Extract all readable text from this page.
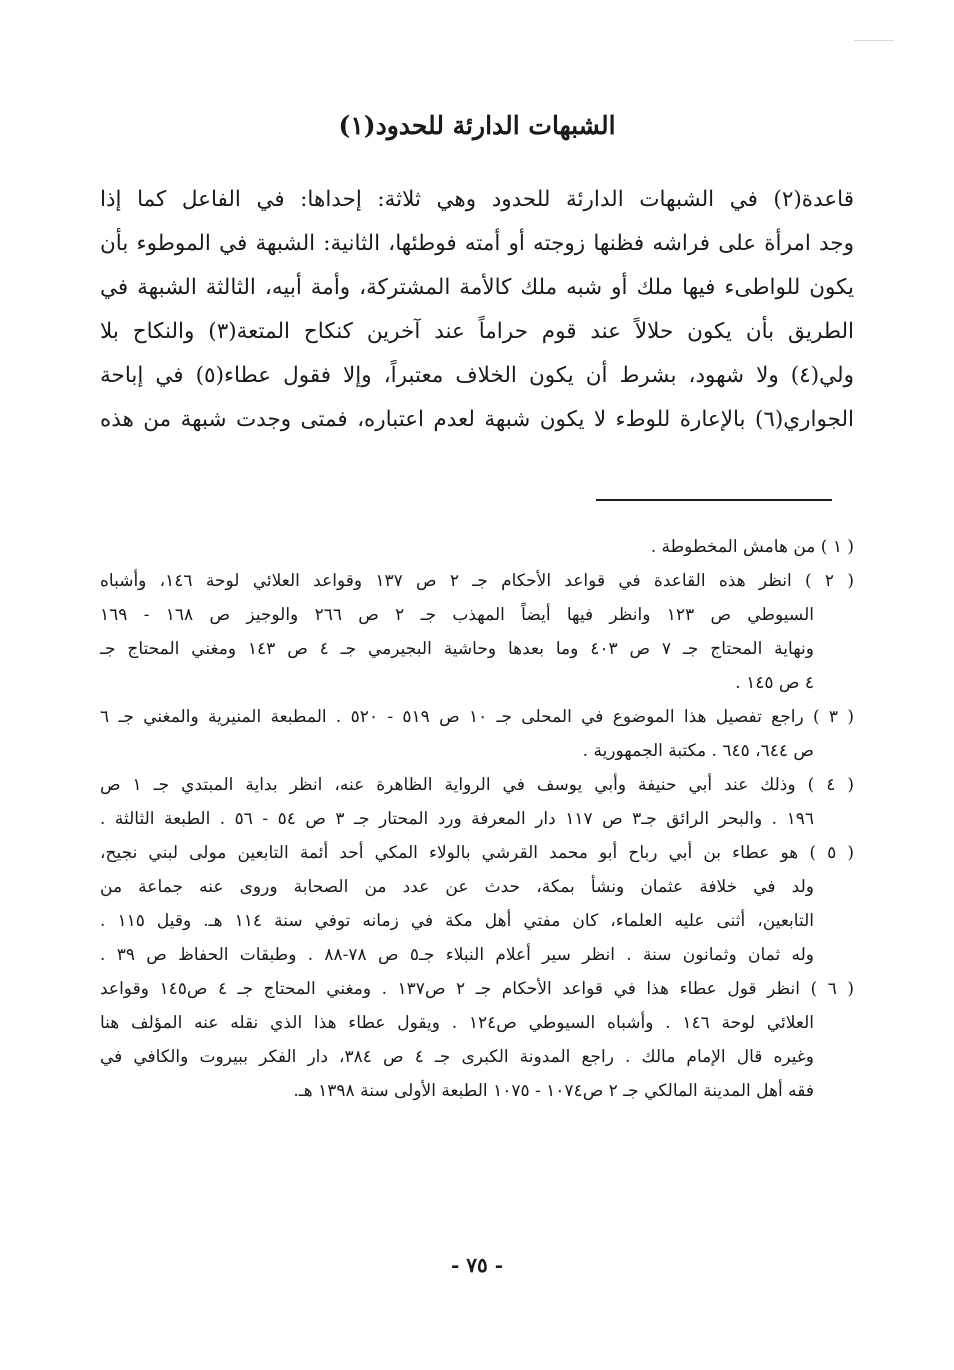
الشبهات الدارئة للحدود(١)
قاعدة(٢) في الشبهات الدارئة للحدود وهي ثلاثة: إحداها: في الفاعل كما إذا
وجد امرأة على فراشه فظنها زوجته أو أمته فوطئها، الثانية: الشبهة في الموطوء بأن
يكون للواطىء فيها ملك أو شبه ملك كالأمة المشتركة، وأمة أبيه، الثالثة الشبهة في
الطريق بأن يكون حلالاً عند قوم حراماً عند آخرين كنكاح المتعة(٣) والنكاح بلا
ولي(٤) ولا شهود، بشرط أن يكون الخلاف معتبراً، وإلا فقول عطاء(٥) في إباحة
الجواري(٦) بالإعارة للوطء لا يكون شبهة لعدم اعتباره، فمتى وجدت شبهة من هذه
( ١ ) من هامش المخطوطة .
( ٢ ) انظر هذه القاعدة في قواعد الأحكام جـ ٢ ص ١٣٧ وقواعد العلائي لوحة ١٤٦، وأشباه
السيوطي ص ١٢٣ وانظر فيها أيضاً المهذب جـ ٢ ص ٢٦٦ والوجيز ص ١٦٨ - ١٦٩
ونهاية المحتاج جـ ٧ ص ٤٠٣ وما بعدها وحاشية البجيرمي جـ ٤ ص ١٤٣ ومغني المحتاج جـ
٤ ص ١٤٥ .
( ٣ ) راجع تفصيل هذا الموضوع في المحلى جـ ١٠ ص ٥١٩ - ٥٢٠ . المطبعة المنيرية والمغني جـ ٦
ص ٦٤٤، ٦٤٥ . مكتبة الجمهورية .
( ٤ ) وذلك عند أبي حنيفة وأبي يوسف في الرواية الظاهرة عنه، انظر بداية المبتدي جـ ١ ص
١٩٦ . والبحر الرائق جـ٣ ص ١١٧ دار المعرفة ورد المحتار جـ ٣ ص ٥٤ - ٥٦ . الطبعة الثالثة .
( ٥ ) هو عطاء بن أبي رباح أبو محمد القرشي بالولاء المكي أحد أئمة التابعين مولى لبني نجيح،
ولد في خلافة عثمان ونشأ بمكة، حدث عن عدد من الصحابة وروى عنه جماعة من
التابعين، أثنى عليه العلماء، كان مفتي أهل مكة في زمانه توفي سنة ١١٤ هـ. وقيل ١١٥ .
وله ثمان وثمانون سنة . انظر سير أعلام النبلاء جـ٥ ص ٧٨-٨٨ . وطبقات الحفاظ ص ٣٩ .
( ٦ ) انظر قول عطاء هذا في قواعد الأحكام جـ ٢ ص١٣٧ . ومغني المحتاج جـ ٤ ص١٤٥ وقواعد
العلائي لوحة ١٤٦ . وأشباه السيوطي ص١٢٤ . ويقول عطاء هذا الذي نقله عنه المؤلف هنا
وغيره قال الإمام مالك . راجع المدونة الكبرى جـ ٤ ص ٣٨٤، دار الفكر ببيروت والكافي في
فقه أهل المدينة المالكي جـ ٢ ص١٠٧٤ - ١٠٧٥ الطبعة الأولى سنة ١٣٩٨ هـ.
- ٧٥ -
